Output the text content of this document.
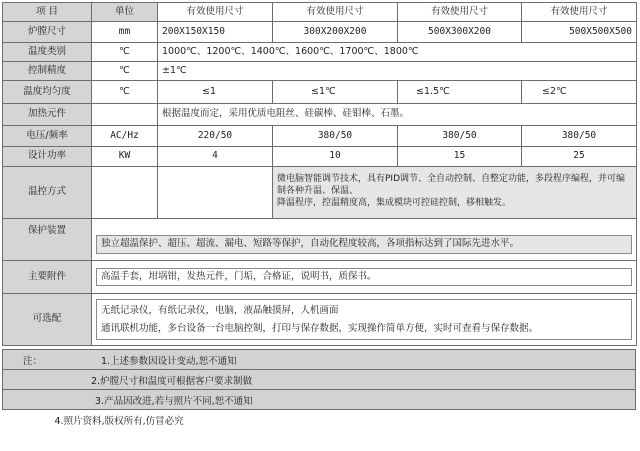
项 目	单位	有效使用尺寸	有效使用尺寸	有效使用尺寸	有效使用尺寸
炉膛尺寸	mm	200X150X150	300X200X200	500X300X200	500X500X500
温度类别	℃	1000℃、1200℃、1400℃、1600℃、1700℃、1800℃			
控制精度	℃	±1℃			
温度均匀度	℃	≤1	≤1℃	≤1.5℃	≤2℃
加热元件		根据温度而定，采用优质电阻丝、硅碳棒、硅钼棒、石墨。			
电压/频率	AC/Hz	220/50	380/50	380/50	380/50
设计功率	KW	4	10	15	25
温控方式			微电脑智能调节技术，具有PID调节、全自动控制、自整定功能，多段程序编程，并可编制各种升温、保温、
降温程序，控温精度高，集成模块可控硅控制，移相触发。		

保护装置	独立超温保护、超压、超流、漏电、短路等保护，自动化程度较高，各项指标达到了国际先进水平。				

主要附件	高温手套，坩埚钳，发热元件，门垢，合格证，说明书，质保书。				

可选配	无纸记录仪，有纸记录仪，电脑，液晶触摸屏，人机画面
通讯联机功能，多台设备一台电脑控制，打印与保存数据，实现操作简单方便，实时可查看与保存数据。				
注：	1.上述参数因设计变动,恕不通知
2.炉膛尺寸和温度可根据客户要求制做
3.产品因改进,若与照片不同,恕不通知
4.照片资料,版权所有,仿冒必究
